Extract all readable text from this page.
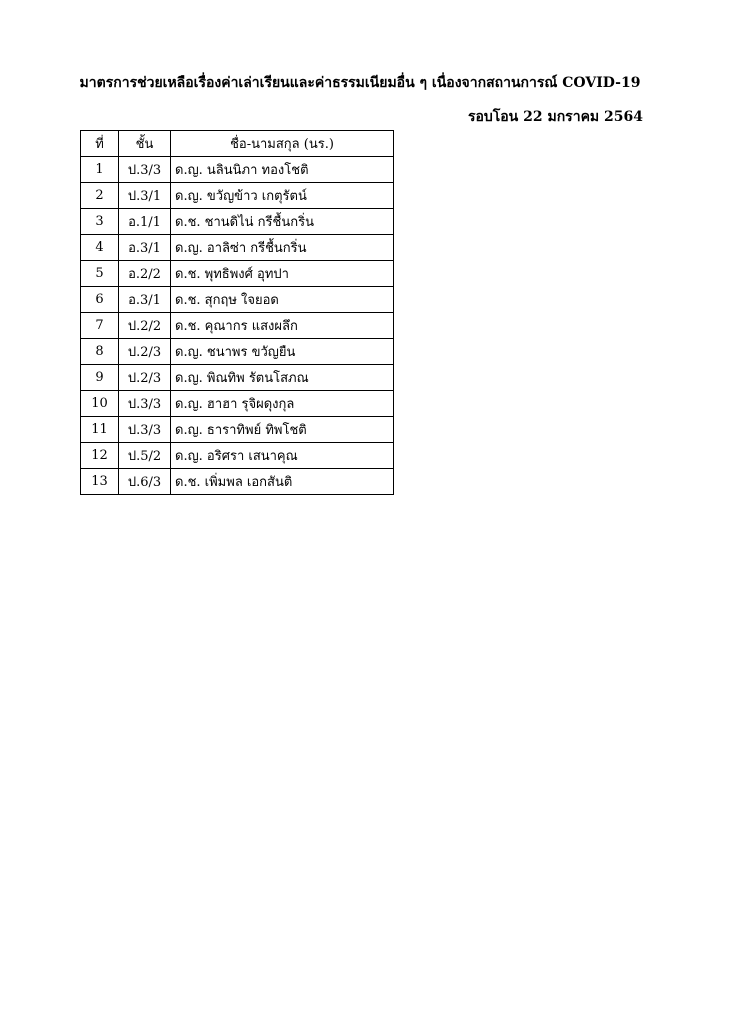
มาตรการช่วยเหลือเรื่องค่าเล่าเรียนและค่าธรรมเนียมอื่น ๆ เนื่องจากสถานการณ์ COVID-19
รอบโอน 22 มกราคม 2564
ที่	ชั้น	ชื่อ-นามสกุล (นร.)
1	ป.3/3	ด.ญ. นลินนิภา ทองโชติ
2	ป.3/1	ด.ญ. ขวัญข้าว เกตุรัตน์
3	อ.1/1	ด.ช. ชานดิไน่ กรีชื้นกริ่น
4	อ.3/1	ด.ญ. อาลิซ่า กรีชื้นกริ่น
5	อ.2/2	ด.ช. พุทธิพงศ์ อุทปา
6	อ.3/1	ด.ช. สุกฤษ ใจยอด
7	ป.2/2	ด.ช. คุณากร แสงผลึก
8	ป.2/3	ด.ญ. ชนาพร ขวัญยืน
9	ป.2/3	ด.ญ. พิณทิพ รัตนโสภณ
10	ป.3/3	ด.ญ. ฮาฮา รุจิผดุงกุล
11	ป.3/3	ด.ญ. ธาราทิพย์ ทิพโชติ
12	ป.5/2	ด.ญ. อริศรา เสนาคุณ
13	ป.6/3	ด.ช. เพิ่มพล เอกสันติ
